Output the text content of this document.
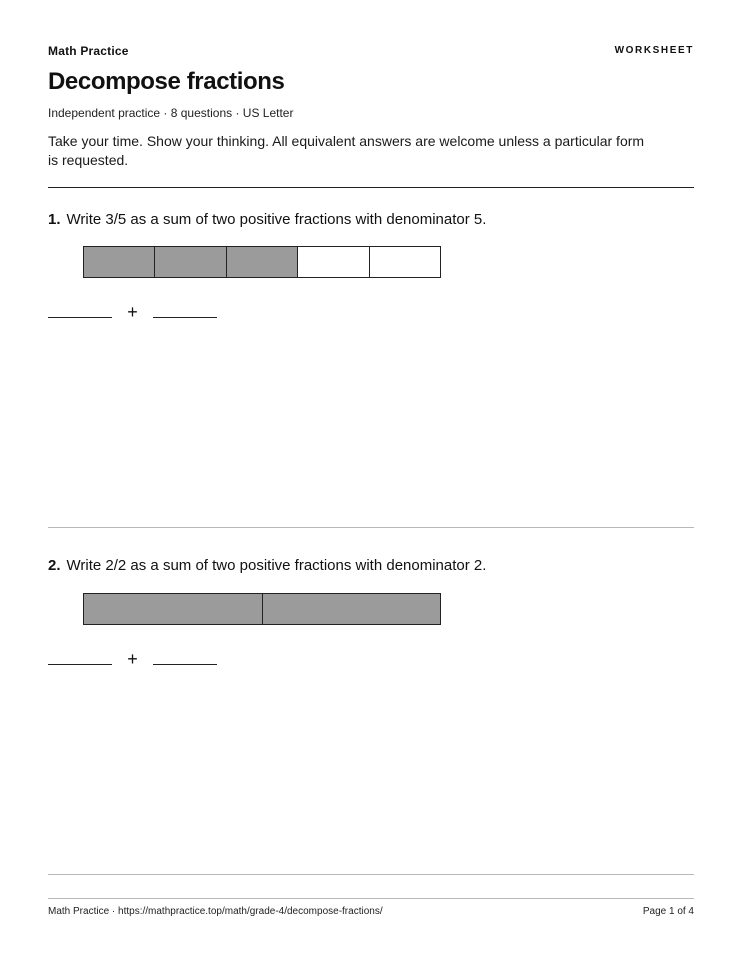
Math Practice	WORKSHEET
Decompose fractions
Independent practice · 8 questions · US Letter

Take your time. Show your thinking. All equivalent answers are welcome unless a particular form is requested.

1. Write 3/5 as a sum of two positive fractions with denominator 5.
+
2. Write 2/2 as a sum of two positive fractions with denominator 2.
+
Math Practice · https://mathpractice.top/math/grade-4/decompose-fractions/	Page 1 of 4
